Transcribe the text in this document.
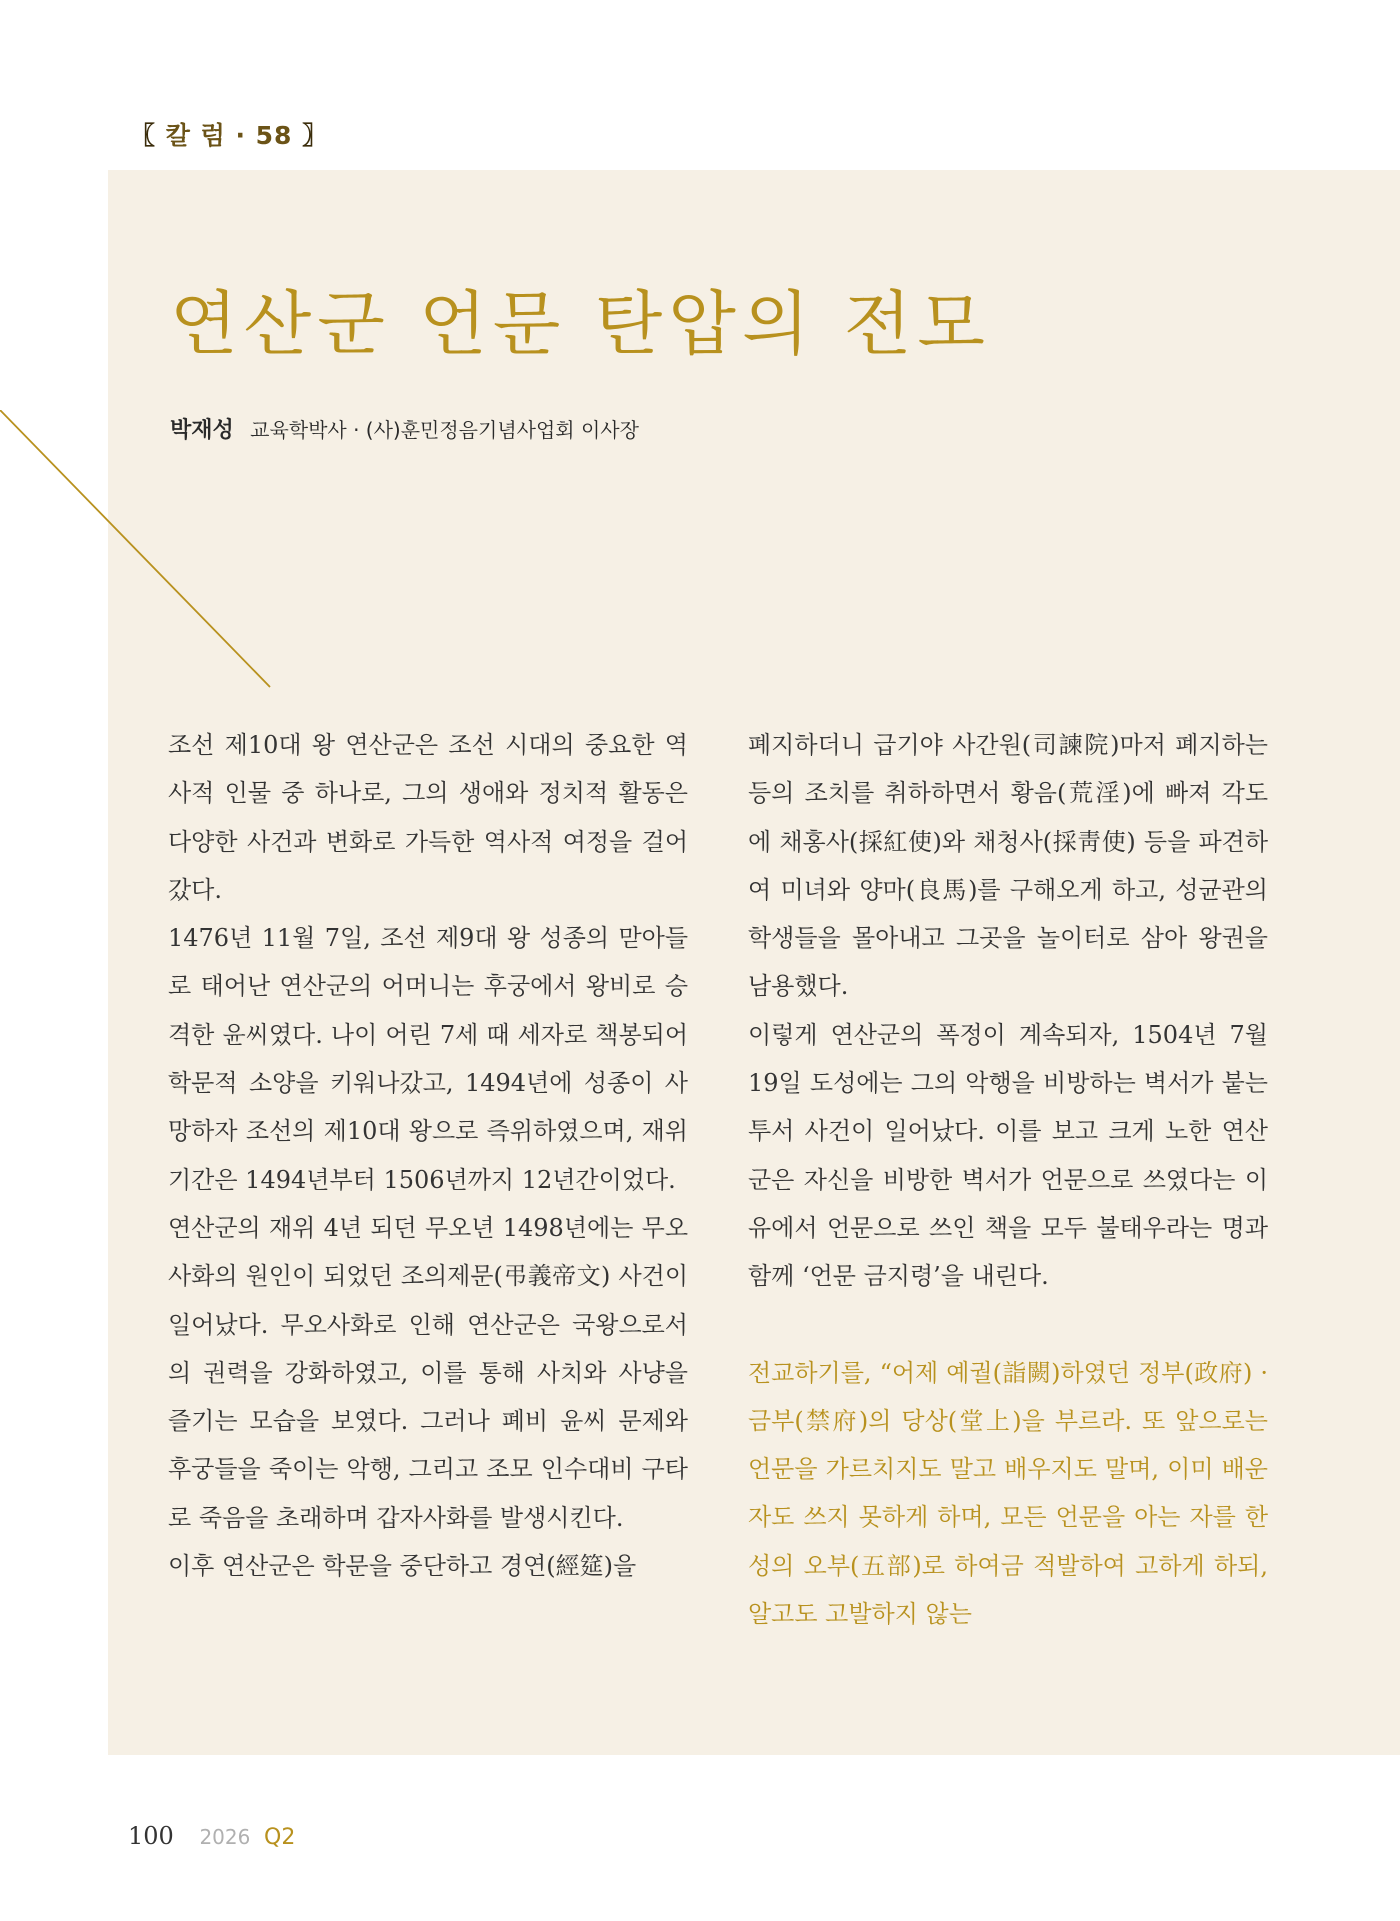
〖 칼 럼 · 58 〗
연산군 언문 탄압의 전모
박재성 교육학박사 · (사)훈민정음기념사업회 이사장

조선 제10대 왕 연산군은 조선 시대의 중요한 역사적 인물 중 하나로, 그의 생애와 정치적 활동은 다양한 사건과 변화로 가득한 역사적 여정을 걸어갔다.

1476년 11월 7일, 조선 제9대 왕 성종의 맏아들로 태어난 연산군의 어머니는 후궁에서 왕비로 승격한 윤씨였다. 나이 어린 7세 때 세자로 책봉되어 학문적 소양을 키워나갔고, 1494년에 성종이 사망하자 조선의 제10대 왕으로 즉위하였으며, 재위 기간은 1494년부터 1506년까지 12년간이었다.

연산군의 재위 4년 되던 무오년 1498년에는 무오사화의 원인이 되었던 조의제문(弔義帝文) 사건이 일어났다. 무오사화로 인해 연산군은 국왕으로서의 권력을 강화하였고, 이를 통해 사치와 사냥을 즐기는 모습을 보였다. 그러나 폐비 윤씨 문제와 후궁들을 죽이는 악행, 그리고 조모 인수대비 구타로 죽음을 초래하며 갑자사화를 발생시킨다.

이후 연산군은 학문을 중단하고 경연(經筵)을

폐지하더니 급기야 사간원(司諫院)마저 폐지하는 등의 조치를 취하하면서 황음(荒淫)에 빠져 각도에 채홍사(採紅使)와 채청사(採靑使) 등을 파견하여 미녀와 양마(良馬)를 구해오게 하고, 성균관의 학생들을 몰아내고 그곳을 놀이터로 삼아 왕권을 남용했다.

이렇게 연산군의 폭정이 계속되자, 1504년 7월 19일 도성에는 그의 악행을 비방하는 벽서가 붙는 투서 사건이 일어났다. 이를 보고 크게 노한 연산군은 자신을 비방한 벽서가 언문으로 쓰였다는 이유에서 언문으로 쓰인 책을 모두 불태우라는 명과 함께 ‘언문 금지령’을 내린다.

전교하기를, “어제 예궐(詣闕)하였던 정부(政府) · 금부(禁府)의 당상(堂上)을 부르라. 또 앞으로는 언문을 가르치지도 말고 배우지도 말며, 이미 배운 자도 쓰지 못하게 하며, 모든 언문을 아는 자를 한성의 오부(五部)로 하여금 적발하여 고하게 하되, 알고도 고발하지 않는

100 2026 Q2
